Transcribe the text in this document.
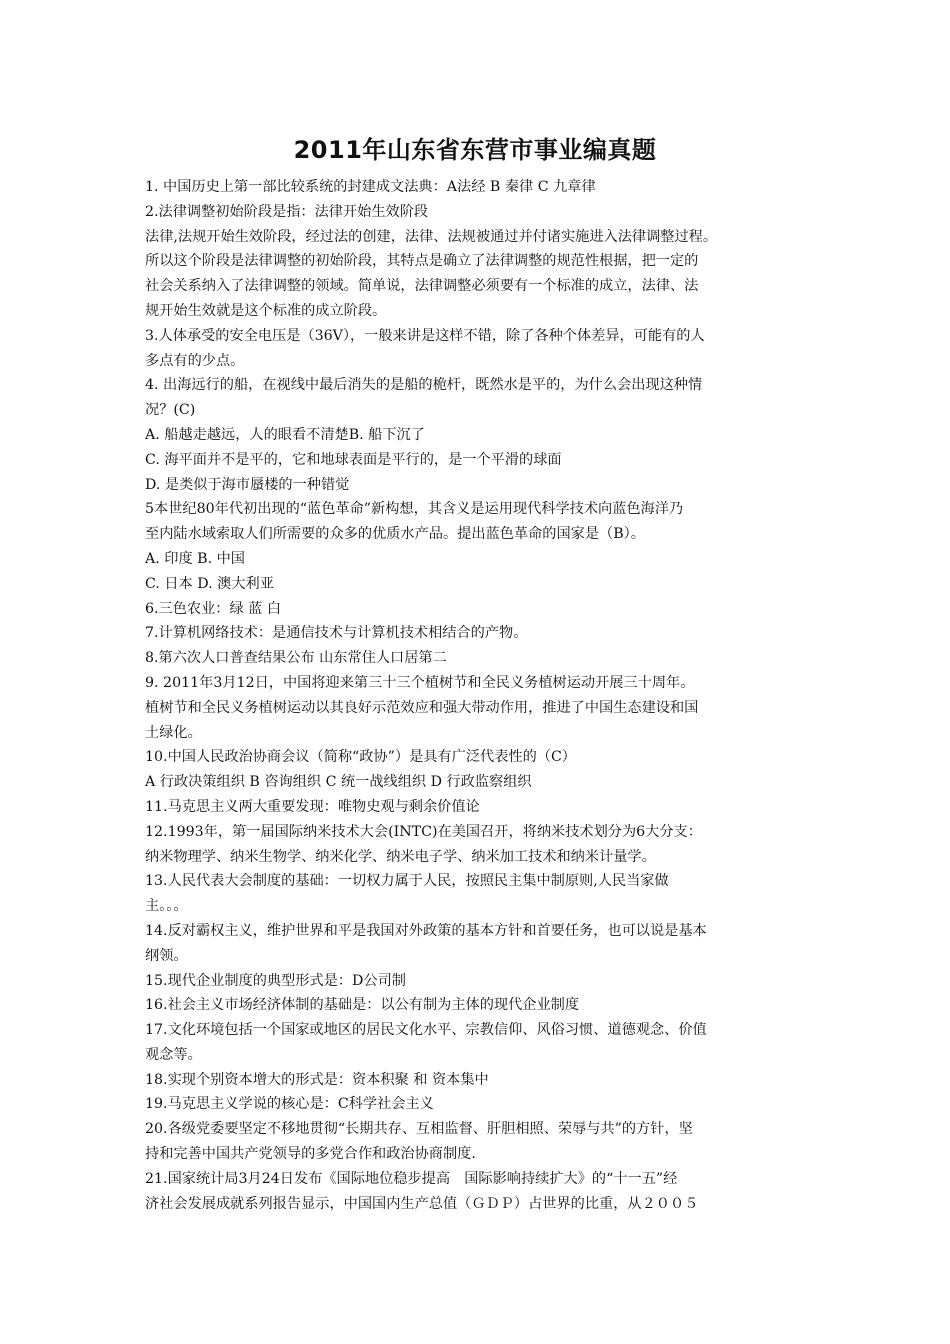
2011年山东省东营市事业编真题
1. 中国历史上第一部比较系统的封建成文法典：A法经 B 秦律 C 九章律
2.法律调整初始阶段是指：法律开始生效阶段
法律,法规开始生效阶段，经过法的创建，法律、法规被通过并付诸实施进入法律调整过程。
所以这个阶段是法律调整的初始阶段，其特点是确立了法律调整的规范性根据，把一定的
社会关系纳入了法律调整的领域。简单说，法律调整必须要有一个标准的成立，法律、法
规开始生效就是这个标准的成立阶段。
3.人体承受的安全电压是（36V），一般来讲是这样不错，除了各种个体差异，可能有的人
多点有的少点。
4. 出海远行的船，在视线中最后消失的是船的桅杆，既然水是平的，为什么会出现这种情
况？(C)
A. 船越走越远，人的眼看不清楚B. 船下沉了
C. 海平面并不是平的，它和地球表面是平行的，是一个平滑的球面
D. 是类似于海市蜃楼的一种错觉
5本世纪80年代初出现的“蓝色革命”新构想，其含义是运用现代科学技术向蓝色海洋乃
至内陆水域索取人们所需要的众多的优质水产品。提出蓝色革命的国家是（B）。
A. 印度 B. 中国
C. 日本 D. 澳大利亚
6.三色农业：绿 蓝 白
7.计算机网络技术：是通信技术与计算机技术相结合的产物。
8.第六次人口普查结果公布 山东常住人口居第二
9. 2011年3月12日，中国将迎来第三十三个植树节和全民义务植树运动开展三十周年。
植树节和全民义务植树运动以其良好示范效应和强大带动作用，推进了中国生态建设和国
土绿化。
10.中国人民政治协商会议（简称“政协”）是具有广泛代表性的（C）
A 行政决策组织 B 咨询组织 C 统一战线组织 D 行政监察组织
11.马克思主义两大重要发现：唯物史观与剩余价值论
12.1993年，第一届国际纳米技术大会(INTC)在美国召开，将纳米技术划分为6大分支：
纳米物理学、纳米生物学、纳米化学、纳米电子学、纳米加工技术和纳米计量学。
13.人民代表大会制度的基础：一切权力属于人民，按照民主集中制原则,人民当家做
主。。。
14.反对霸权主义，维护世界和平是我国对外政策的基本方针和首要任务，也可以说是基本
纲领。
15.现代企业制度的典型形式是：D公司制
16.社会主义市场经济体制的基础是：以公有制为主体的现代企业制度
17.文化环境包括一个国家或地区的居民文化水平、宗教信仰、风俗习惯、道德观念、价值
观念等。
18.实现个别资本增大的形式是：资本积聚 和 资本集中
19.马克思主义学说的核心是：C科学社会主义
20.各级党委要坚定不移地贯彻“长期共存、互相监督、肝胆相照、荣辱与共”的方针，坚
持和完善中国共产党领导的多党合作和政治协商制度.
21.国家统计局3月24日发布《国际地位稳步提高　国际影响持续扩大》的“十一五”经
济社会发展成就系列报告显示，中国国内生产总值（ＧＤＰ）占世界的比重，从２００５
